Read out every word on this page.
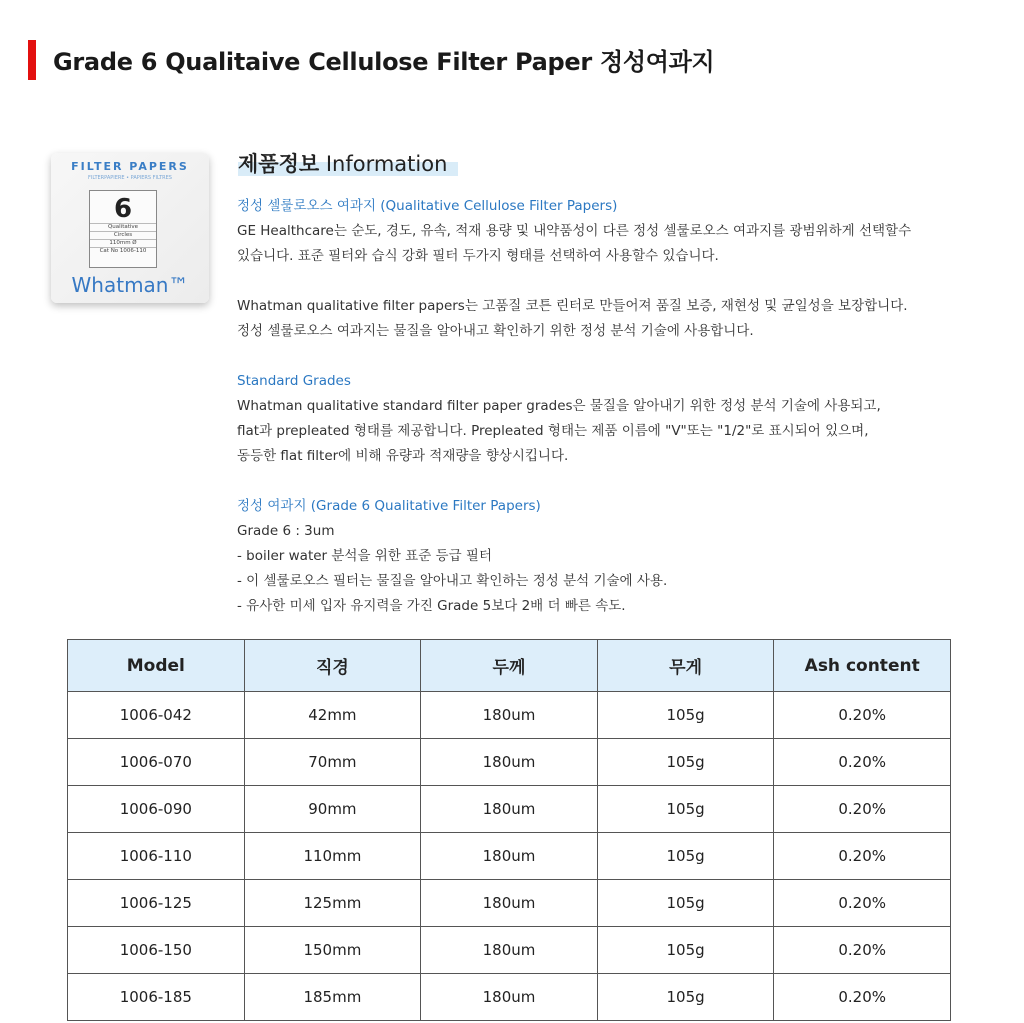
Grade 6 Qualitaive Cellulose Filter Paper 정성여과지
FILTER PAPERS
FILTERPAPIERE • PAPIERS FILTRES
6
Qualitative
Circles
110mm Ø
Cat No 1006-110
Whatman™
제품정보 Information
정성 셀룰로오스 여과지 (Qualitative Cellulose Filter Papers)
GE Healthcare는 순도, 경도, 유속, 적재 용량 및 내약품성이 다른 정성 셀룰로오스 여과지를 광범위하게 선택할수
있습니다. 표준 필터와 습식 강화 필터 두가지 형태를 선택하여 사용할수 있습니다.
Whatman qualitative filter papers는 고품질 코튼 린터로 만들어져 품질 보증, 재현성 및 균일성을 보장합니다.
정성 셀룰로오스 여과지는 물질을 알아내고 확인하기 위한 정성 분석 기술에 사용합니다.
Standard Grades
Whatman qualitative standard filter paper grades은 물질을 알아내기 위한 정성 분석 기술에 사용되고,
flat과 prepleated 형태를 제공합니다. Prepleated 형태는 제품 이름에 "V"또는 "1/2"로 표시되어 있으며,
동등한 flat filter에 비해 유량과 적재량을 향상시킵니다.
정성 여과지 (Grade 6 Qualitative Filter Papers)
Grade 6 : 3um
- boiler water 분석을 위한 표준 등급 필터
- 이 셀룰로오스 필터는 물질을 알아내고 확인하는 정성 분석 기술에 사용.
- 유사한 미세 입자 유지력을 가진 Grade 5보다 2배 더 빠른 속도.
Model	직경	두께	무게	Ash content
1006-042	42mm	180um	105g	0.20%
1006-070	70mm	180um	105g	0.20%
1006-090	90mm	180um	105g	0.20%
1006-110	110mm	180um	105g	0.20%
1006-125	125mm	180um	105g	0.20%
1006-150	150mm	180um	105g	0.20%
1006-185	185mm	180um	105g	0.20%
